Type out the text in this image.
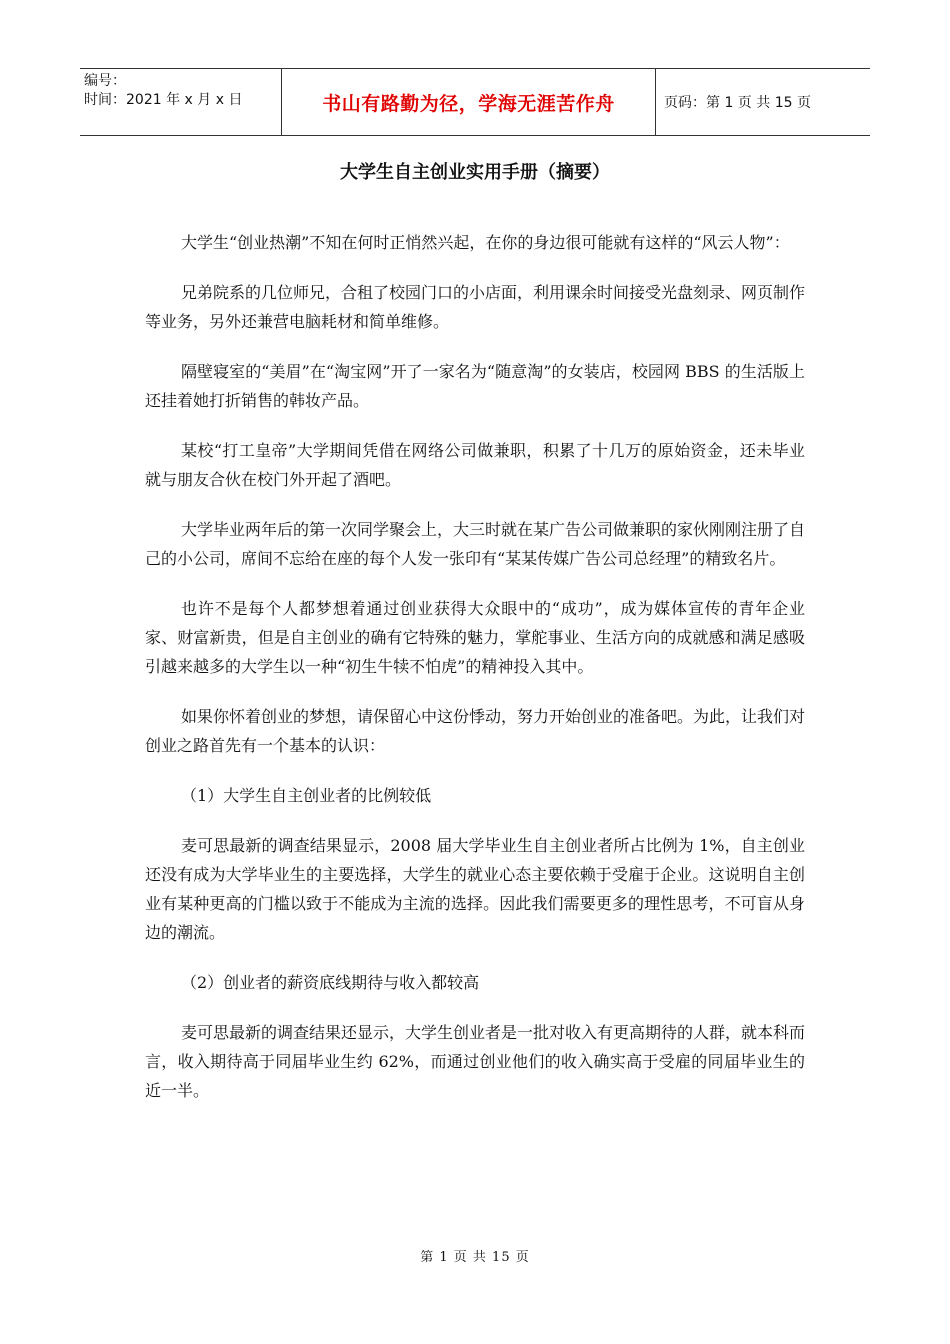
编号：
时间：2021 年 x 月 x 日	书山有路勤为径，学海无涯苦作舟	页码：第 1 页 共 15 页
大学生自主创业实用手册（摘要）

大学生“创业热潮”不知在何时正悄然兴起，在你的身边很可能就有这样的“风云人物”：

兄弟院系的几位师兄，合租了校园门口的小店面，利用课余时间接受光盘刻录、网页制作等业务，另外还兼营电脑耗材和简单维修。

隔壁寝室的“美眉”在“淘宝网”开了一家名为“随意淘”的女装店，校园网 BBS 的生活版上还挂着她打折销售的韩妆产品。

某校“打工皇帝”大学期间凭借在网络公司做兼职，积累了十几万的原始资金，还未毕业就与朋友合伙在校门外开起了酒吧。

大学毕业两年后的第一次同学聚会上，大三时就在某广告公司做兼职的家伙刚刚注册了自己的小公司，席间不忘给在座的每个人发一张印有“某某传媒广告公司总经理”的精致名片。

也许不是每个人都梦想着通过创业获得大众眼中的“成功”，成为媒体宣传的青年企业家、财富新贵，但是自主创业的确有它特殊的魅力，掌舵事业、生活方向的成就感和满足感吸引越来越多的大学生以一种“初生牛犊不怕虎”的精神投入其中。

如果你怀着创业的梦想，请保留心中这份悸动，努力开始创业的准备吧。为此，让我们对创业之路首先有一个基本的认识：

（1）大学生自主创业者的比例较低

麦可思最新的调查结果显示，2008 届大学毕业生自主创业者所占比例为 1%，自主创业还没有成为大学毕业生的主要选择，大学生的就业心态主要依赖于受雇于企业。这说明自主创业有某种更高的门槛以致于不能成为主流的选择。因此我们需要更多的理性思考，不可盲从身边的潮流。

（2）创业者的薪资底线期待与收入都较高

麦可思最新的调查结果还显示，大学生创业者是一批对收入有更高期待的人群，就本科而言，收入期待高于同届毕业生约 62%，而通过创业他们的收入确实高于受雇的同届毕业生的近一半。

第 1 页 共 15 页
